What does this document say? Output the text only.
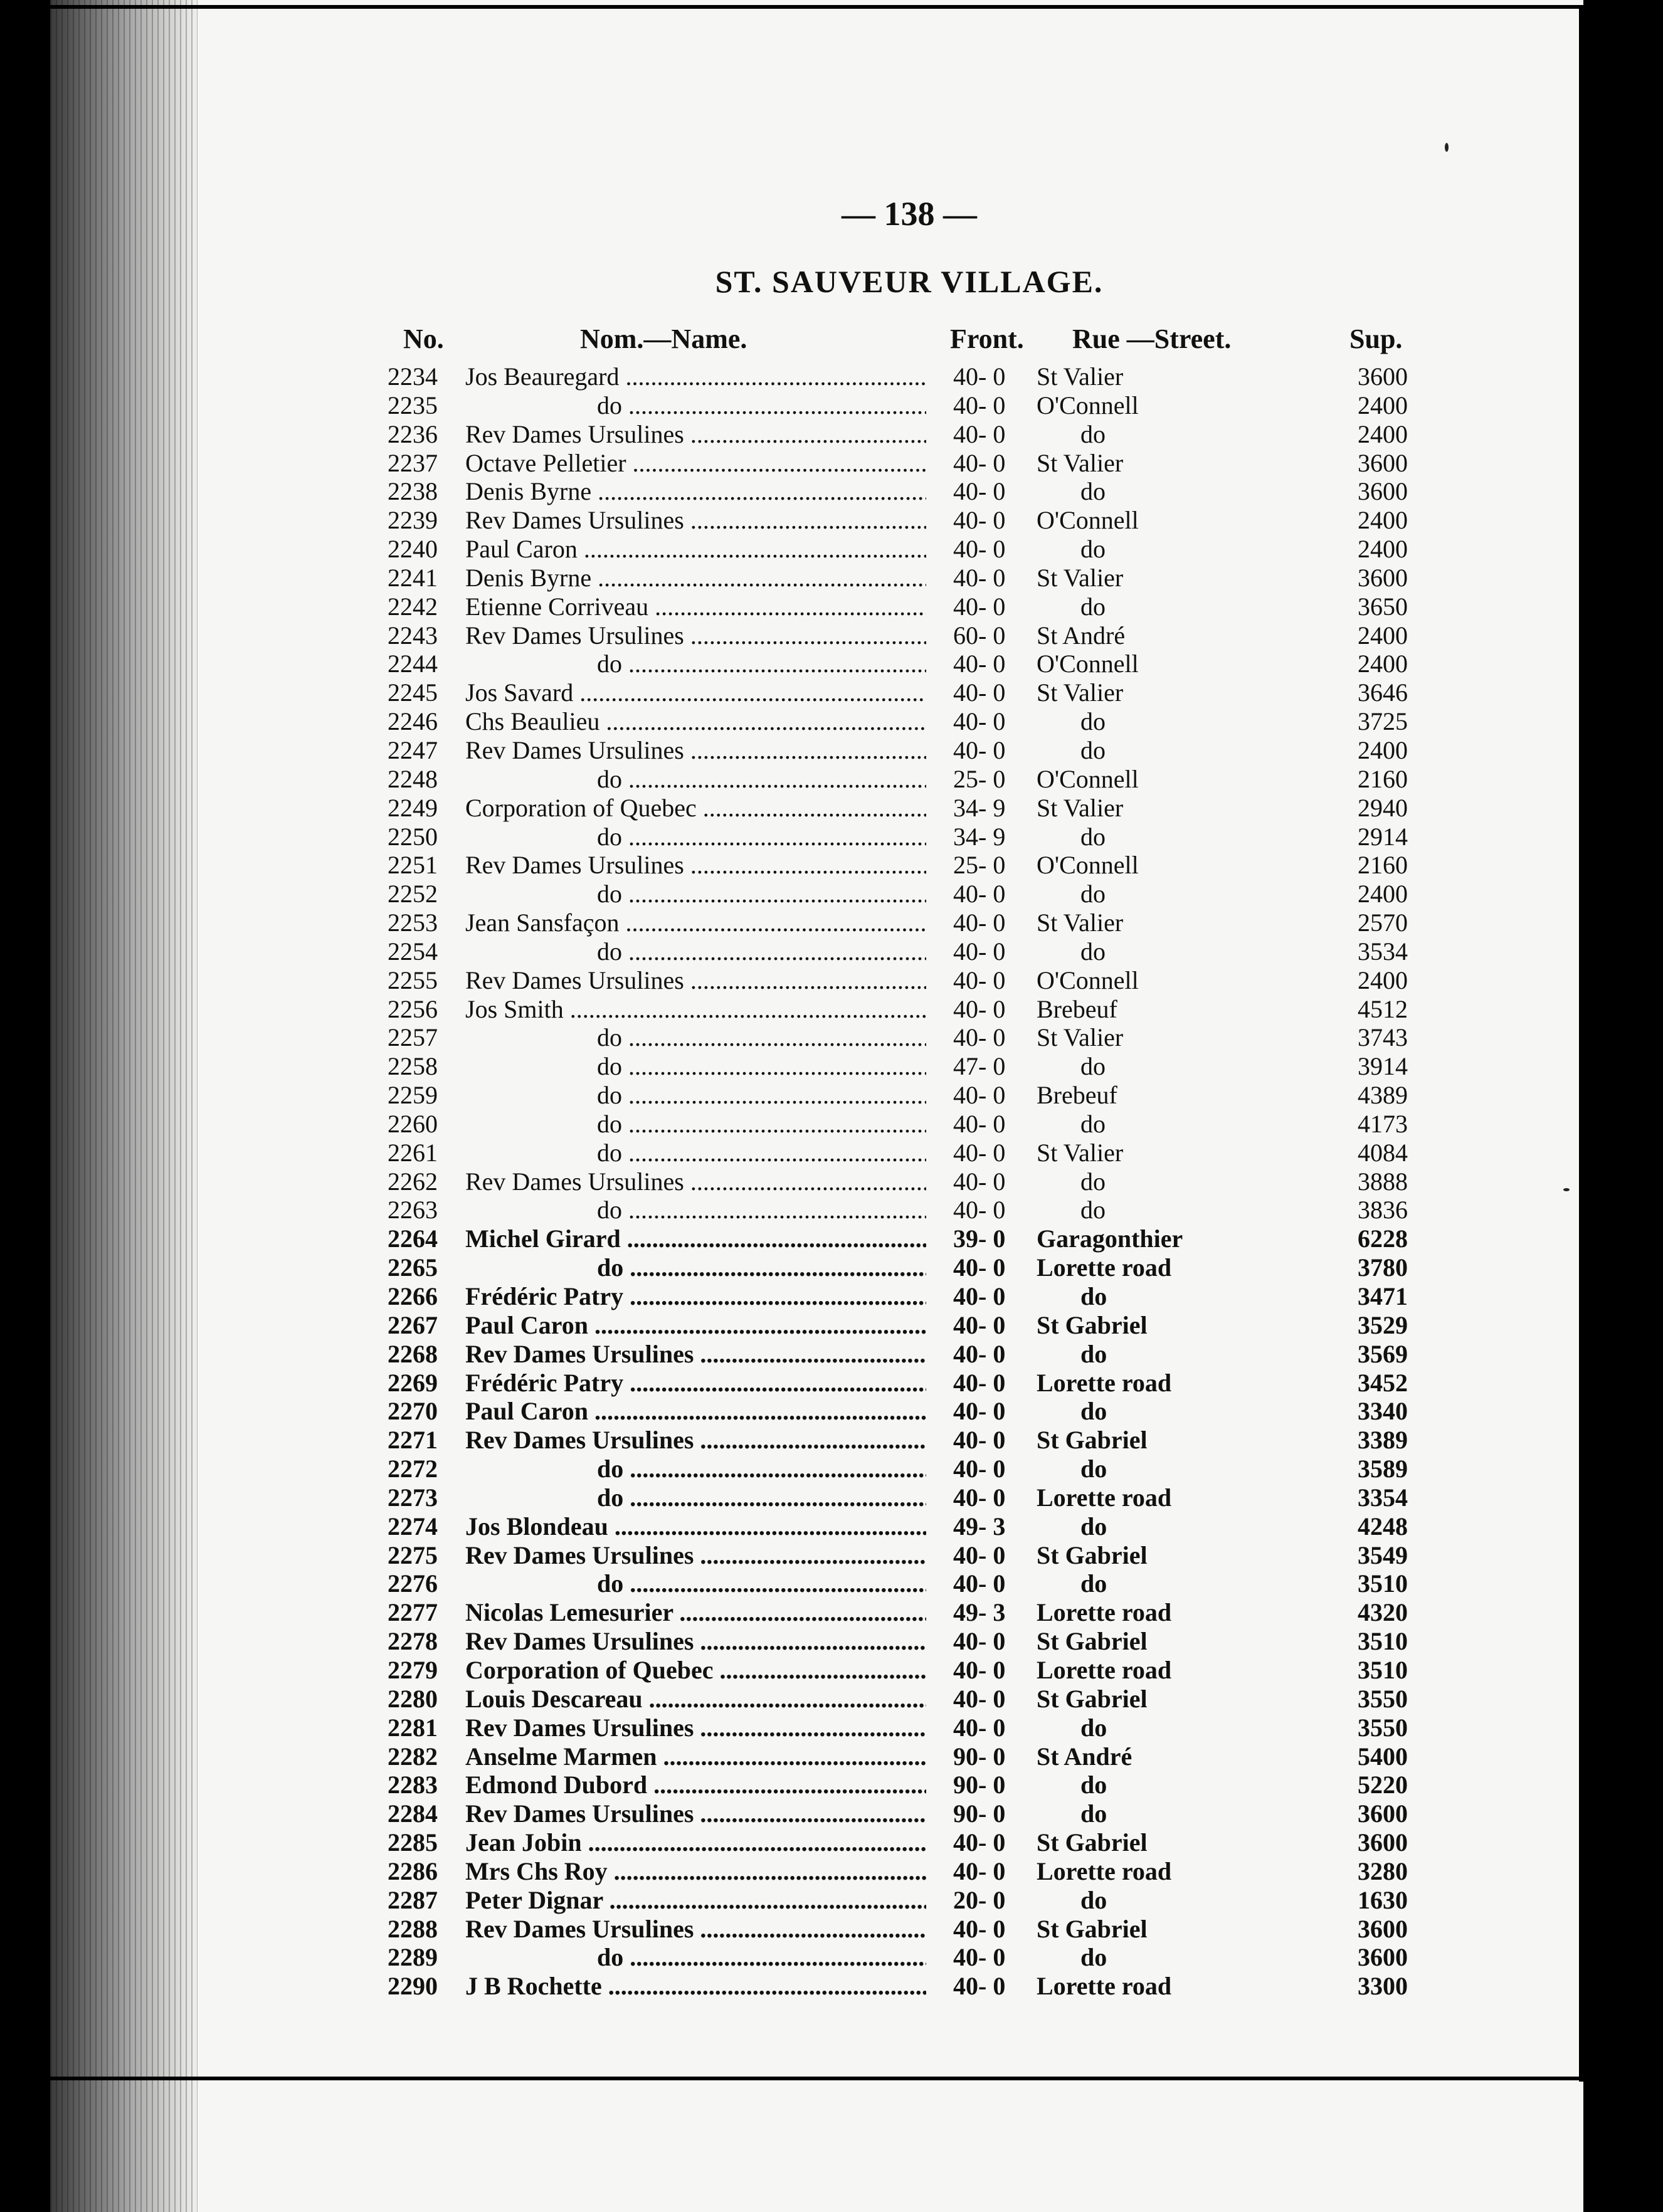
— 138 —
ST. SAUVEUR VILLAGE.
No.	Nom.—Name.	Front. Rue —Street.	Sup.
2234	Jos Beauregard .....	40- 0	St Valier	3600
2235	do .....	40- 0	O'Connell	2400
2236	Rev Dames Ursulines .....	40- 0	do	2400
2237	Octave Pelletier .....	40- 0	St Valier	3600
2238	Denis Byrne .....	40- 0	do	3600
2239	Rev Dames Ursulines .....	40- 0	O'Connell	2400
2240	Paul Caron .....	40- 0	do	2400
2241	Denis Byrne .....	40- 0	St Valier	3600
2242	Etienne Corriveau .....	40- 0	do	3650
2243	Rev Dames Ursulines .....	60- 0	St André	2400
2244	do .....	40- 0	O'Connell	2400
2245	Jos Savard .....	40- 0	St Valier	3646
2246	Chs Beaulieu .....	40- 0	do	3725
2247	Rev Dames Ursulines .....	40- 0	do	2400
2248	do .....	25- 0	O'Connell	2160
2249	Corporation of Quebec .....	34- 9	St Valier	2940
2250	do .....	34- 9	do	2914
2251	Rev Dames Ursulines .....	25- 0	O'Connell	2160
2252	do .....	40- 0	do	2400
2253	Jean Sansfaçon .....	40- 0	St Valier	2570
2254	do .....	40- 0	do	3534
2255	Rev Dames Ursulines .....	40- 0	O'Connell	2400
2256	Jos Smith .....	40- 0	Brebeuf	4512
2257	do .....	40- 0	St Valier	3743
2258	do .....	47- 0	do	3914
2259	do .....	40- 0	Brebeuf	4389
2260	do .....	40- 0	do	4173
2261	do .....	40- 0	St Valier	4084
2262	Rev Dames Ursulines .....	40- 0	do	3888
2263	do .....	40- 0	do	3836
2264	Michel Girard .....	39- 0	Garagonthier	6228
2265	do .....	40- 0	Lorette road	3780
2266	Frédéric Patry .....	40- 0	do	3471
2267	Paul Caron .....	40- 0	St Gabriel	3529
2268	Rev Dames Ursulines .....	40- 0	do	3569
2269	Frédéric Patry .....	40- 0	Lorette road	3452
2270	Paul Caron .....	40- 0	do	3340
2271	Rev Dames Ursulines .....	40- 0	St Gabriel	3389
2272	do .....	40- 0	do	3589
2273	do .....	40- 0	Lorette road	3354
2274	Jos Blondeau .....	49- 3	do	4248
2275	Rev Dames Ursulines .....	40- 0	St Gabriel	3549
2276	do .....	40- 0	do	3510
2277	Nicolas Lemesurier .....	49- 3	Lorette road	4320
2278	Rev Dames Ursulines .....	40- 0	St Gabriel	3510
2279	Corporation of Quebec .....	40- 0	Lorette road	3510
2280	Louis Descareau .....	40- 0	St Gabriel	3550
2281	Rev Dames Ursulines .....	40- 0	do	3550
2282	Anselme Marmen .....	90- 0	St André	5400
2283	Edmond Dubord .....	90- 0	do	5220
2284	Rev Dames Ursulines .....	90- 0	do	3600
2285	Jean Jobin .....	40- 0	St Gabriel	3600
2286	Mrs Chs Roy .....	40- 0	Lorette road	3280
2287	Peter Dignar .....	20- 0	do	1630
2288	Rev Dames Ursulines .....	40- 0	St Gabriel	3600
2289	do .....	40- 0	do	3600
2290	J B Rochette .....	40- 0	Lorette road	3300
